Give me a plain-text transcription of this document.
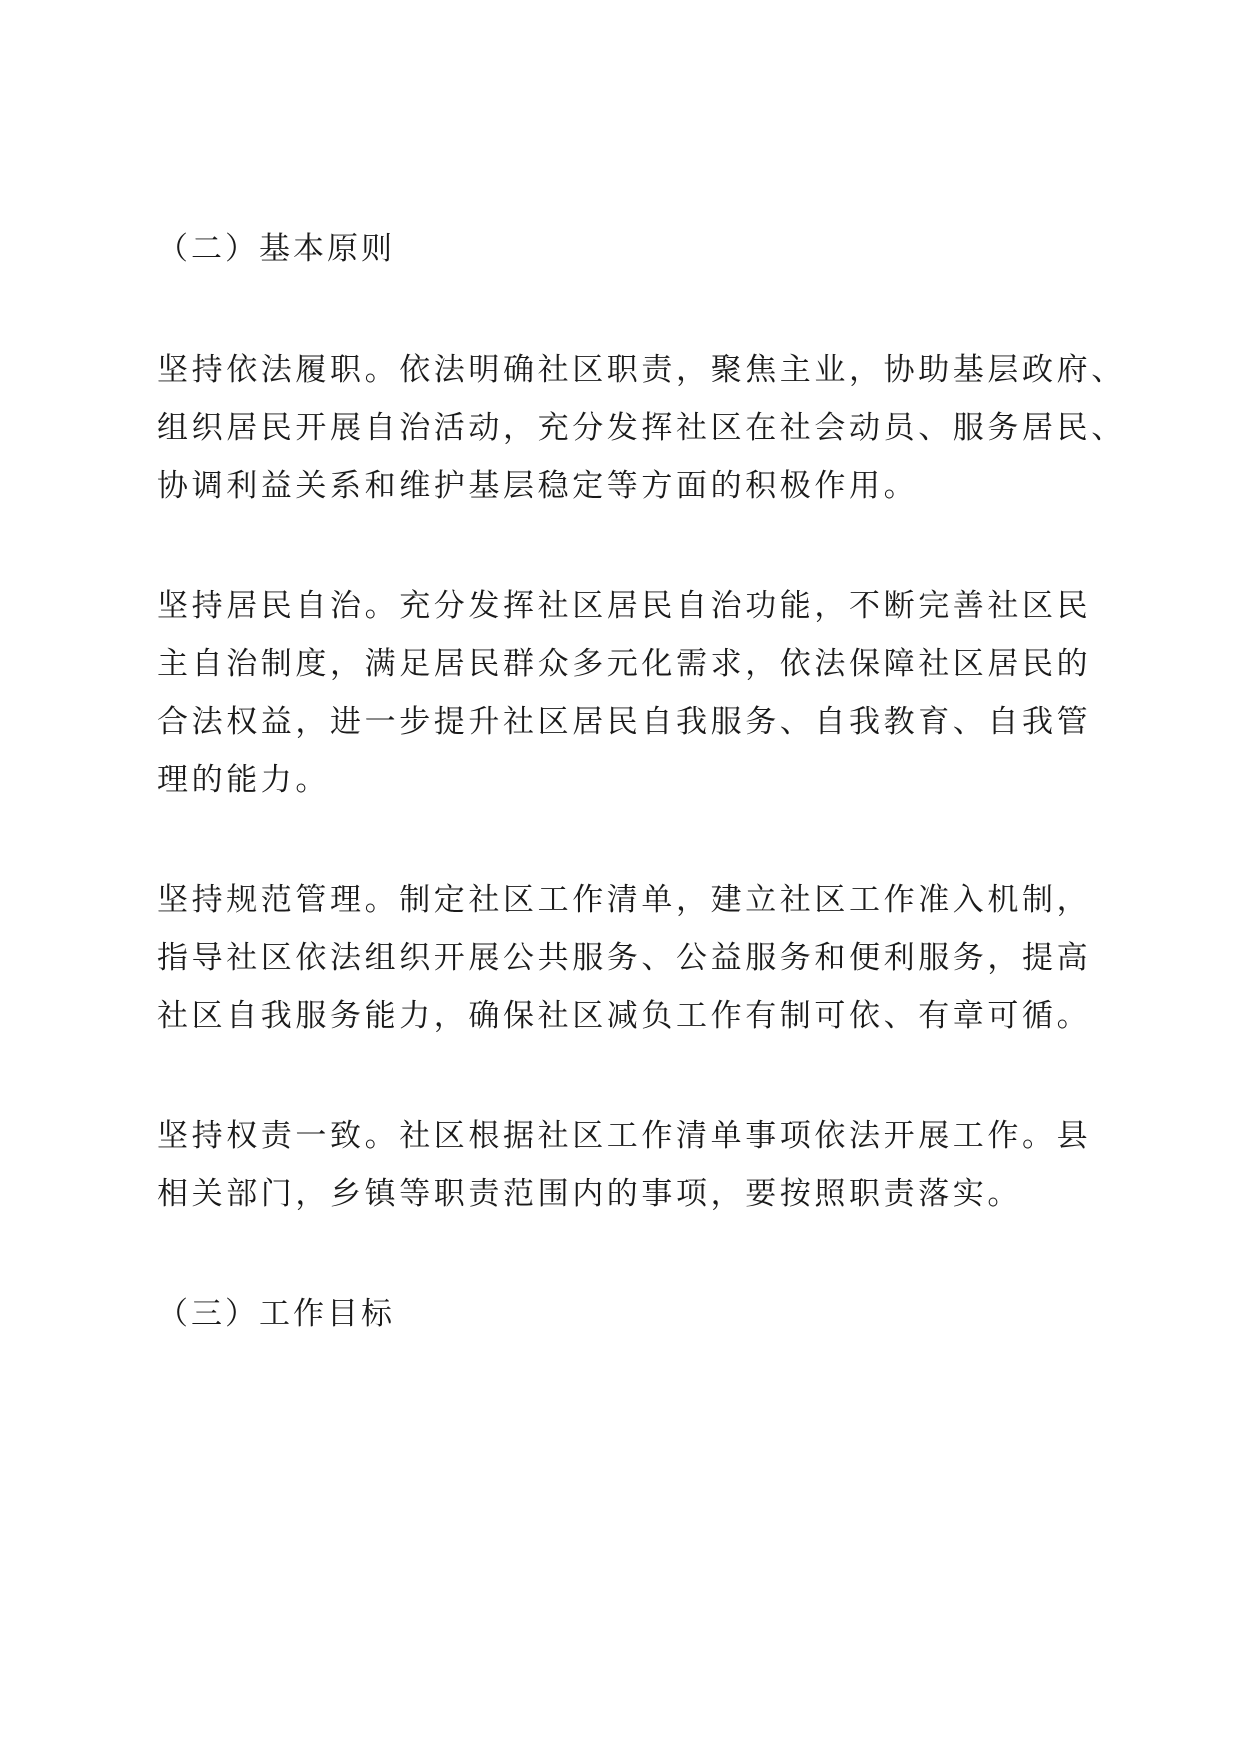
（二）基本原则
坚持依法履职。依法明确社区职责，聚焦主业，协助基层政府、
组织居民开展自治活动，充分发挥社区在社会动员、服务居民、
协调利益关系和维护基层稳定等方面的积极作用。
坚持居民自治。充分发挥社区居民自治功能，不断完善社区民
主自治制度，满足居民群众多元化需求，依法保障社区居民的
合法权益，进一步提升社区居民自我服务、自我教育、自我管
理的能力。
坚持规范管理。制定社区工作清单，建立社区工作准入机制，
指导社区依法组织开展公共服务、公益服务和便利服务，提高
社区自我服务能力，确保社区减负工作有制可依、有章可循。
坚持权责一致。社区根据社区工作清单事项依法开展工作。县
相关部门，乡镇等职责范围内的事项，要按照职责落实。
（三）工作目标
